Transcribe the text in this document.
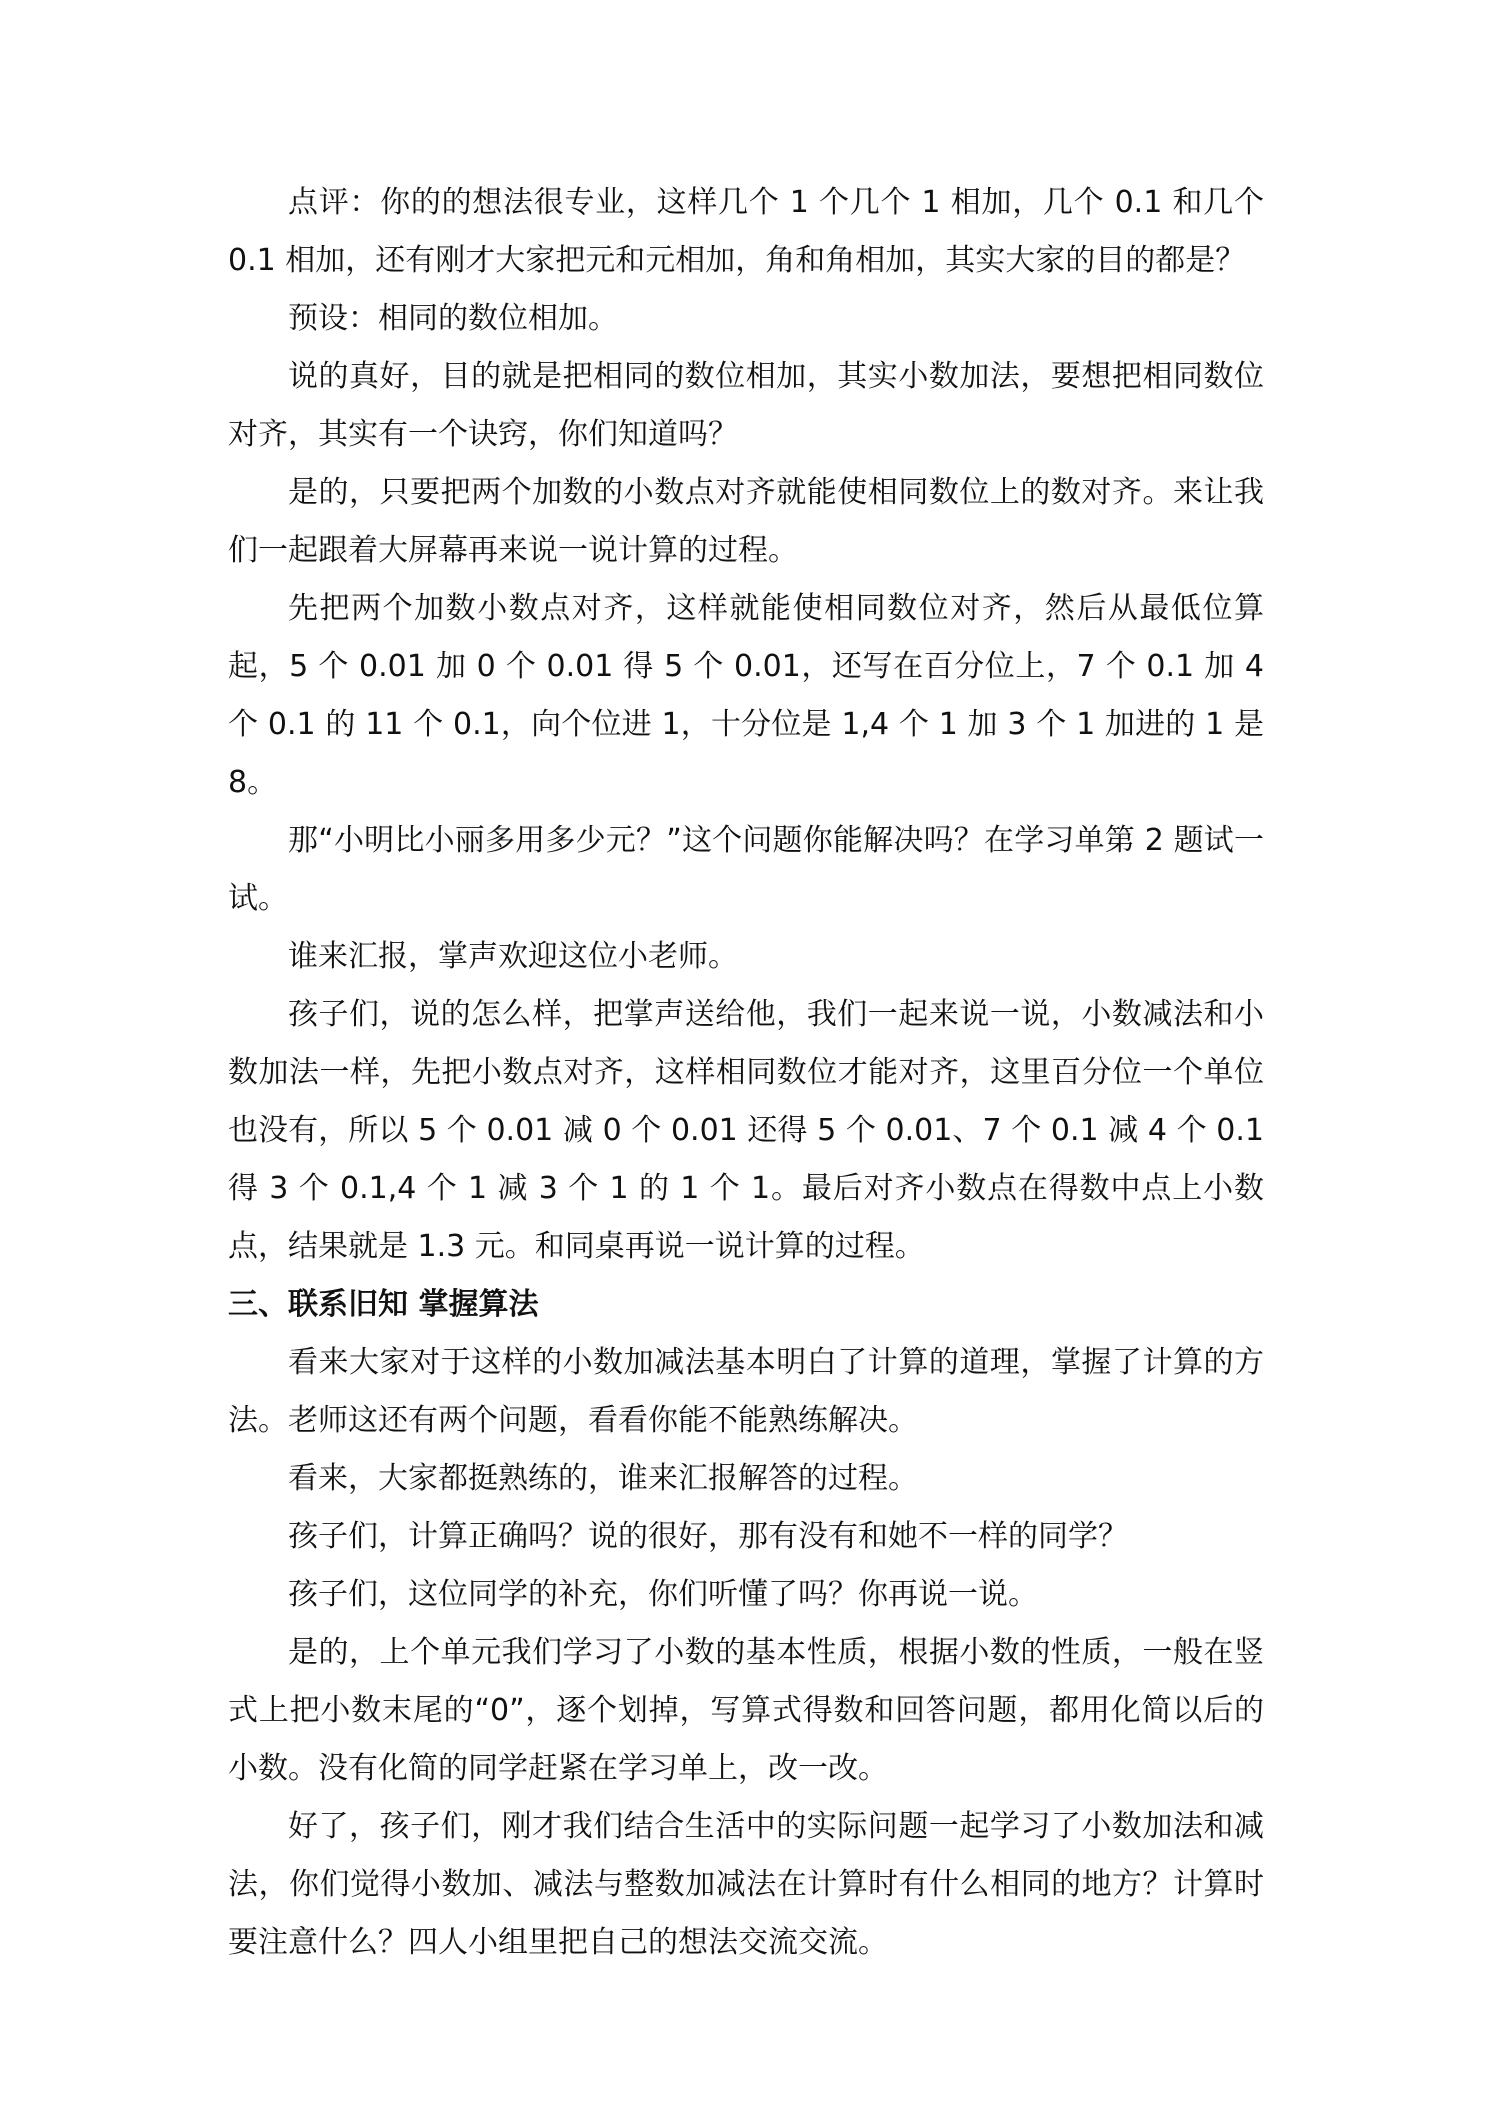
点评：你的的想法很专业，这样几个 1 个几个 1 相加，几个 0.1 和几个 0.1 相加，还有刚才大家把元和元相加，角和角相加，其实大家的目的都是？

预设：相同的数位相加。

说的真好，目的就是把相同的数位相加，其实小数加法，要想把相同数位对齐，其实有一个诀窍，你们知道吗？

是的，只要把两个加数的小数点对齐就能使相同数位上的数对齐。来让我们一起跟着大屏幕再来说一说计算的过程。

先把两个加数小数点对齐，这样就能使相同数位对齐，然后从最低位算起，5 个 0.01 加 0 个 0.01 得 5 个 0.01，还写在百分位上，7 个 0.1 加 4 个 0.1 的 11 个 0.1，向个位进 1，十分位是 1,4 个 1 加 3 个 1 加进的 1 是 8。

那“小明比小丽多用多少元？”这个问题你能解决吗？在学习单第 2 题试一试。

谁来汇报，掌声欢迎这位小老师。

孩子们，说的怎么样，把掌声送给他，我们一起来说一说，小数减法和小数加法一样，先把小数点对齐，这样相同数位才能对齐，这里百分位一个单位也没有，所以 5 个 0.01 减 0 个 0.01 还得 5 个 0.01、7 个 0.1 减 4 个 0.1 得 3 个 0.1,4 个 1 减 3 个 1 的 1 个 1。最后对齐小数点在得数中点上小数点，结果就是 1.3 元。和同桌再说一说计算的过程。

三、联系旧知 掌握算法

看来大家对于这样的小数加减法基本明白了计算的道理，掌握了计算的方法。老师这还有两个问题，看看你能不能熟练解决。

看来，大家都挺熟练的，谁来汇报解答的过程。

孩子们，计算正确吗？说的很好，那有没有和她不一样的同学？

孩子们，这位同学的补充，你们听懂了吗？你再说一说。

是的，上个单元我们学习了小数的基本性质，根据小数的性质，一般在竖式上把小数末尾的“0”，逐个划掉，写算式得数和回答问题，都用化简以后的小数。没有化简的同学赶紧在学习单上，改一改。

好了，孩子们，刚才我们结合生活中的实际问题一起学习了小数加法和减法，你们觉得小数加、减法与整数加减法在计算时有什么相同的地方？计算时要注意什么？四人小组里把自己的想法交流交流。
